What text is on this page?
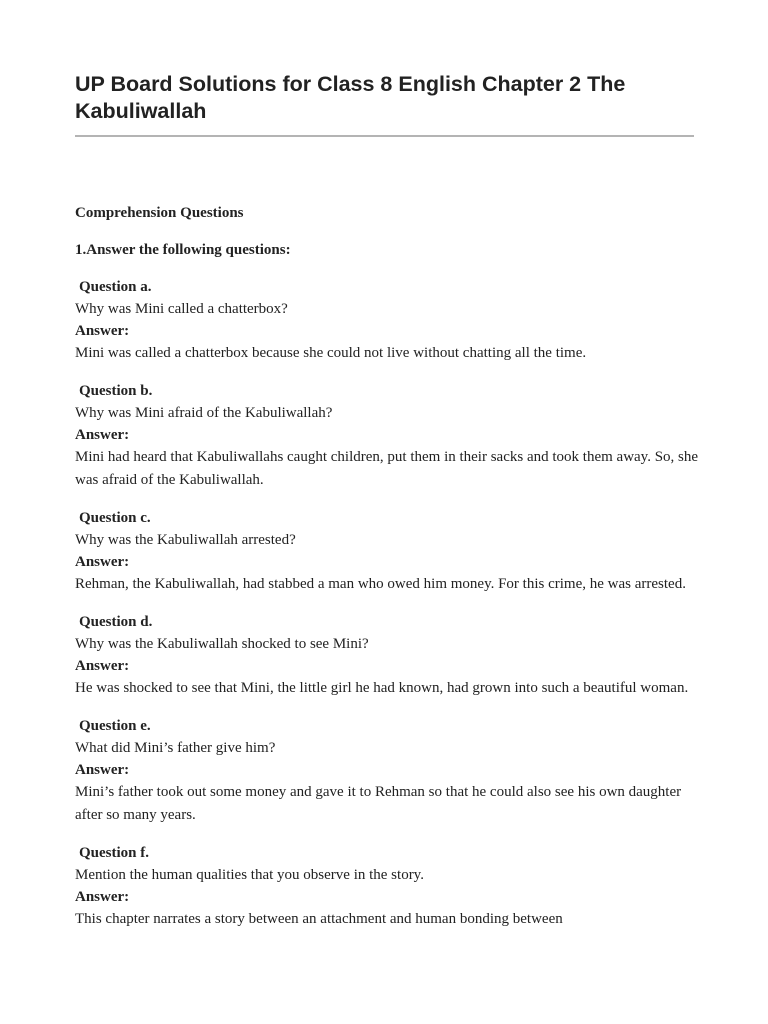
UP Board Solutions for Class 8 English Chapter 2 The Kabuliwallah

Comprehension Questions

1.Answer the following questions:

Question a.
Why was Mini called a chatterbox?
Answer:
Mini was called a chatterbox because she could not live without chatting all the time.
Question b.
Why was Mini afraid of the Kabuliwallah?
Answer:
Mini had heard that Kabuliwallahs caught children, put them in their sacks and took them away. So, she was afraid of the Kabuliwallah.
Question c.
Why was the Kabuliwallah arrested?
Answer:
Rehman, the Kabuliwallah, had stabbed a man who owed him money. For this crime, he was arrested.
Question d.
Why was the Kabuliwallah shocked to see Mini?
Answer:
He was shocked to see that Mini, the little girl he had known, had grown into such a beautiful woman.
Question e.
What did Mini’s father give him?
Answer:
Mini’s father took out some money and gave it to Rehman so that he could also see his own daughter after so many years.
Question f.
Mention the human qualities that you observe in the story.
Answer:
This chapter narrates a story between an attachment and human bonding between
